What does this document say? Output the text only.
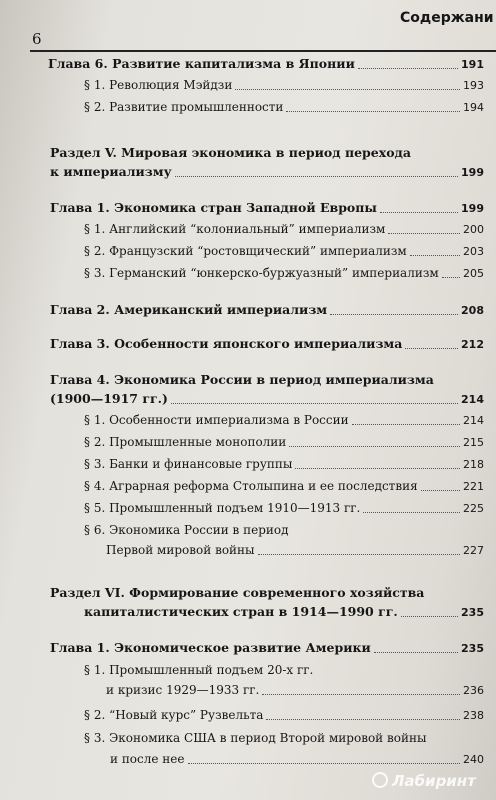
6
Содержани
Глава 6. Развитие капитализма в Японии	191
§ 1. Революция Мэйдзи	193
§ 2. Развитие промышленности	194
Раздел V. Мировая экономика в период перехода
к империализму	199
Глава 1. Экономика стран Западной Европы	199
§ 1. Английский “колониальный” империализм	200
§ 2. Французский “ростовщический” империализм	203
§ 3. Германский “юнкерско-буржуазный” империализм 205
Глава 2. Американский империализм	208
Глава 3. Особенности японского империализма	212
Глава 4. Экономика России в период империализма
(1900—1917 гг.)	214
§ 1. Особенности империализма в России	214
§ 2. Промышленные монополии	215
§ 3. Банки и финансовые группы	218
§ 4. Аграрная реформа Столыпина и ее последствия	221
§ 5. Промышленный подъем 1910—1913 гг.	225
§ 6. Экономика России в период
Первой мировой войны	227
Раздел VI. Формирование современного хозяйства
капиталистических стран в 1914—1990 гг.	235
Глава 1. Экономическое развитие Америки	235
§ 1. Промышленный подъем 20-х гг.
и кризис 1929—1933 гг.	236
§ 2. “Новый курс” Рузвельта	238
§ 3. Экономика США в период Второй мировой войны
и после нее	240
Лабиринт
